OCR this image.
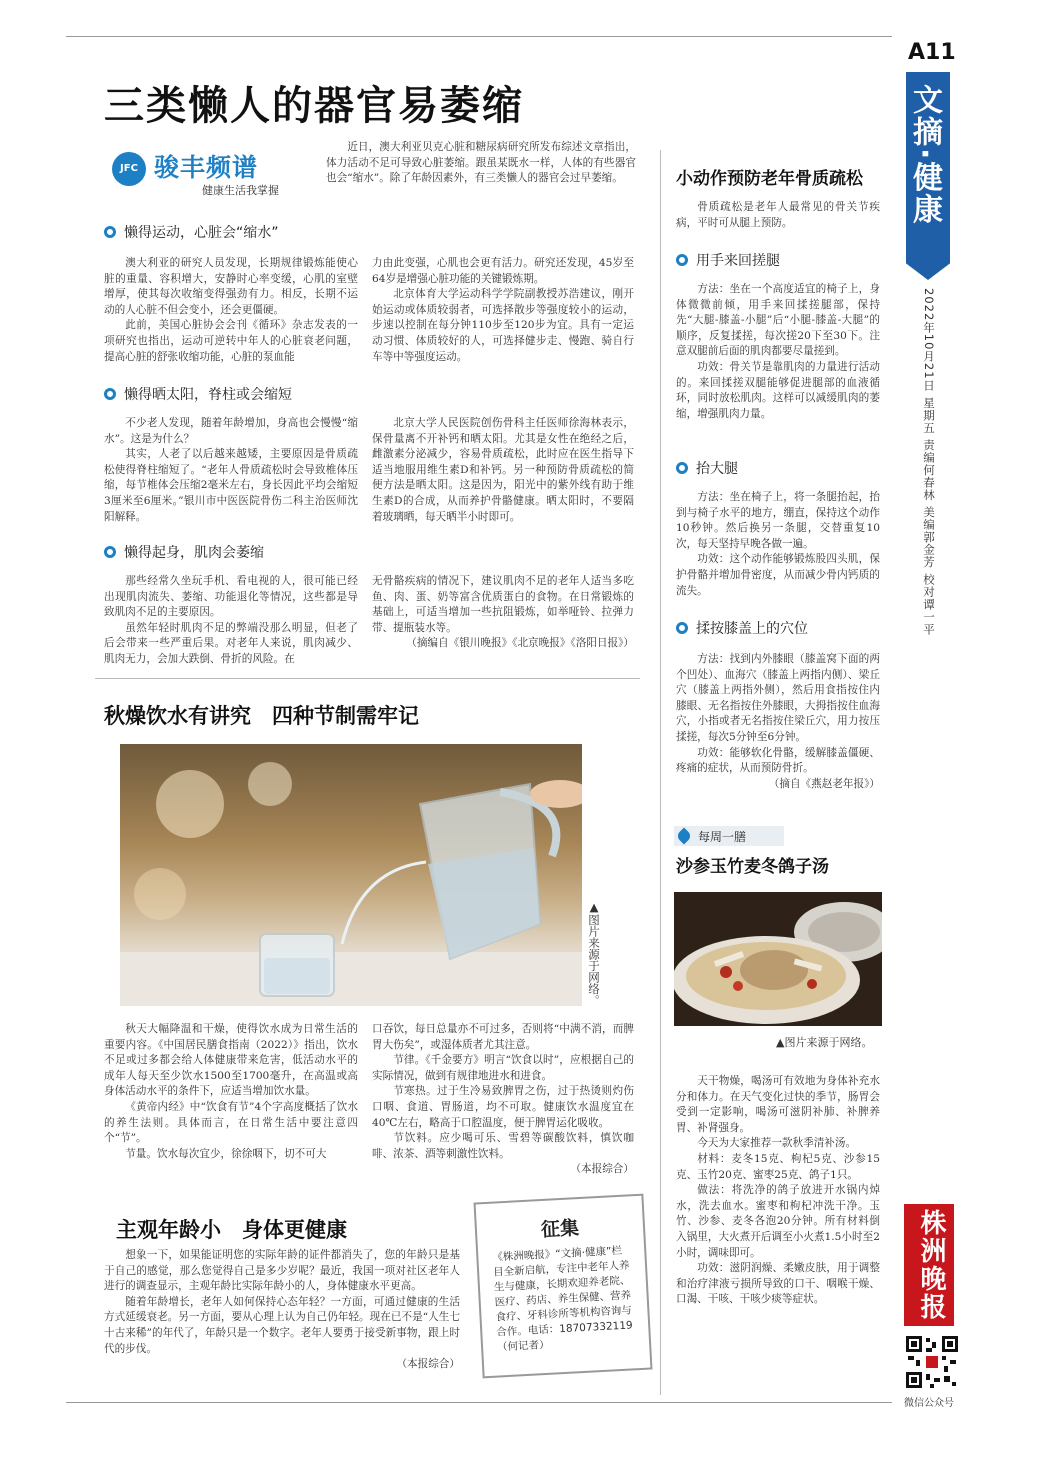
A11
文摘·健康
2022年10月21日 星期五 责编何春林 美编郭金芳 校对谭一平
株洲晚报
微信公众号
三类懒人的器官易萎缩
JFC 骏丰频谱
健康生活我掌握

近日，澳大利亚贝克心脏和糖尿病研究所发布综述文章指出，体力活动不足可导致心脏萎缩。跟虽某既水一样，人体的有些器官也会“缩水”。除了年龄因素外，有三类懒人的器官会过早萎缩。

懒得运动，心脏会“缩水”

澳大利亚的研究人员发现，长期规律锻炼能使心脏的重量、容积增大，安静时心率变缓，心肌的室壁增厚，使其每次收缩变得强劲有力。相反，长期不运动的人心脏不但会变小，还会更僵硬。

此前，美国心脏协会会刊《循环》杂志发表的一项研究也指出，运动可逆转中年人的心脏衰老问题，提高心脏的舒张收缩功能，心脏的泵血能

力由此变强，心肌也会更有活力。研究还发现，45岁至64岁是增强心脏功能的关键锻炼期。

北京体育大学运动科学学院副教授苏浩建议，刚开始运动或体质较弱者，可选择散步等强度较小的运动，步速以控制在每分钟110步至120步为宜。具有一定运动习惯、体质较好的人，可选择健步走、慢跑、骑自行车等中等强度运动。

懒得晒太阳，脊柱或会缩短

不少老人发现，随着年龄增加，身高也会慢慢“缩水”。这是为什么？

其实，人老了以后越来越矮，主要原因是骨质疏松使得脊柱缩短了。“老年人骨质疏松时会导致椎体压缩，每节椎体会压缩2毫米左右，身长因此平均会缩短3厘米至6厘米。”银川市中医医院骨伤二科主治医师沈阳解释。

北京大学人民医院创伤骨科主任医师徐海林表示，保骨量离不开补钙和晒太阳。尤其是女性在绝经之后，雌激素分泌减少，容易骨质疏松，此时应在医生指导下适当地服用维生素D和补钙。另一种预防骨质疏松的简便方法是晒太阳。这是因为，阳光中的紫外线有助于维生素D的合成，从而养护骨骼健康。晒太阳时，不要隔着玻璃晒，每天晒半小时即可。

懒得起身，肌肉会萎缩

那些经常久坐玩手机、看电视的人，很可能已经出现肌肉流失、萎缩、功能退化等情况，这些都是导致肌肉不足的主要原因。

虽然年轻时肌肉不足的弊端没那么明显，但老了后会带来一些严重后果。对老年人来说，肌肉减少、肌肉无力，会加大跌倒、骨折的风险。在

无骨骼疾病的情况下，建议肌肉不足的老年人适当多吃鱼、肉、蛋、奶等富含优质蛋白的食物。在日常锻炼的基础上，可适当增加一些抗阻锻炼，如举哑铃、拉弹力带、提瓶装水等。

（摘编自《银川晚报》《北京晚报》《洛阳日报》）

秋燥饮水有讲究　四种节制需牢记
▲图片来源于网络。

秋天大幅降温和干燥，使得饮水成为日常生活的重要内容。《中国居民膳食指南（2022）》指出，饮水不足或过多都会给人体健康带来危害，低活动水平的成年人每天至少饮水1500至1700毫升，在高温或高身体活动水平的条件下，应适当增加饮水量。

《黄帝内经》中“饮食有节”4个字高度概括了饮水的养生法则。具体而言，在日常生活中要注意四个“节”。

节量。饮水每次宜少，徐徐咽下，切不可大

口吞饮，每日总量亦不可过多，否则将“中满不消，而脾胃大伤矣”，或湿体质者尤其注意。

节律。《千金要方》明言“饮食以时”，应根据自己的实际情况，做到有规律地进水和进食。

节寒热。过于生冷易致脾胃之伤，过于热烫则灼伤口咽、食道、胃肠道，均不可取。健康饮水温度宜在40℃左右，略高于口腔温度，便于脾胃运化吸收。

节饮料。应少喝可乐、雪碧等碳酸饮料，慎饮咖啡、浓茶、酒等刺激性饮料。

（本报综合）

主观年龄小　身体更健康

想象一下，如果能证明您的实际年龄的证件都消失了，您的年龄只是基于自己的感觉，那么您觉得自己是多少岁呢？最近，我国一项对社区老年人进行的调查显示，主观年龄比实际年龄小的人，身体健康水平更高。

随着年龄增长，老年人如何保持心态年轻？一方面，可通过健康的生活方式延缓衰老。另一方面，要从心理上认为自己仍年轻。现在已不是“人生七十古来稀”的年代了，年龄只是一个数字。老年人要勇于接受新事物，跟上时代的步伐。

（本报综合）

征集
《株洲晚报》“文摘·健康”栏目全新启航，专注中老年人养生与健康，长期欢迎养老院、医疗、药店、养生保健、营养食疗、牙科诊所等机构咨询与合作。电话：18707332119（何记者）
小动作预防老年骨质疏松

骨质疏松是老年人最常见的骨关节疾病，平时可从腿上预防。

用手来回搓腿

方法：坐在一个高度适宜的椅子上，身体微微前倾，用手来回揉搓腿部，保持先“大腿-膝盖-小腿”后“小腿-膝盖-大腿”的顺序，反复揉搓，每次搓20下至30下。注意双腿前后面的肌肉都要尽量搓到。

功效：骨关节是靠肌肉的力量进行活动的。来回揉搓双腿能够促进腿部的血液循环，同时放松肌肉。这样可以减缓肌肉的萎缩，增强肌肉力量。

抬大腿

方法：坐在椅子上，将一条腿抬起，抬到与椅子水平的地方，绷直，保持这个动作10秒钟。然后换另一条腿，交替重复10次，每天坚持早晚各做一遍。

功效：这个动作能够锻炼股四头肌，保护骨骼并增加骨密度，从而减少骨内钙质的流失。

揉按膝盖上的穴位

方法：找到内外膝眼（膝盖窝下面的两个凹处）、血海穴（膝盖上两指内侧）、梁丘穴（膝盖上两指外侧），然后用食指按住内膝眼、无名指按住外膝眼，大拇指按住血海穴，小指或者无名指按住梁丘穴，用力按压揉搓，每次5分钟至6分钟。

功效：能够软化骨骼，缓解膝盖僵硬、疼痛的症状，从而预防骨折。

（摘自《燕赵老年报》）

每周一膳
沙参玉竹麦冬鸽子汤
▲图片来源于网络。

天干物燥，喝汤可有效地为身体补充水分和体力。在天气变化过快的季节，肠胃会受到一定影响，喝汤可滋阴补肺、补脾养胃、补肾强身。

今天为大家推荐一款秋季清补汤。

材料：麦冬15克、枸杞5克、沙参15克、玉竹20克、蜜枣25克、鸽子1只。

做法：将洗净的鸽子放进开水锅内焯水，洗去血水。蜜枣和枸杞冲洗干净。玉竹、沙参、麦冬各泡20分钟。所有材料倒入锅里，大火煮开后调至小火煮1.5小时至2小时，调味即可。

功效：滋阴润燥、柔嫩皮肤，用于调整和治疗津液亏损所导致的口干、咽喉干燥、口渴、干咳、干咳少痰等症状。
